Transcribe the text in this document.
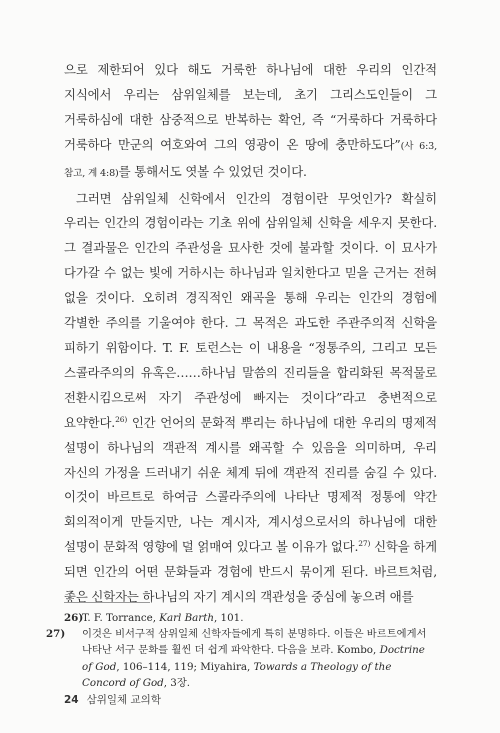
으로 제한되어 있다 해도 거룩한 하나님에 대한 우리의 인간적 지식에서 우리는 삼위일체를 보는데, 초기 그리스도인들이 그 거룩하심에 대한 삼중적으로 반복하는 확언, 즉 “거룩하다 거룩하다 거룩하다 만군의 여호와여 그의 영광이 온 땅에 충만하도다”(사 6:3, 참고, 계 4:8)를 통해서도 엿볼 수 있었던 것이다.

그러면 삼위일체 신학에서 인간의 경험이란 무엇인가? 확실히 우리는 인간의 경험이라는 기초 위에 삼위일체 신학을 세우지 못한다. 그 결과물은 인간의 주관성을 묘사한 것에 불과할 것이다. 이 묘사가 다가갈 수 없는 빛에 거하시는 하나님과 일치한다고 믿을 근거는 전혀 없을 것이다. 오히려 경직적인 왜곡을 통해 우리는 인간의 경험에 각별한 주의를 기울여야 한다. 그 목적은 과도한 주관주의적 신학을 피하기 위함이다. T. F. 토런스는 이 내용을 “정통주의, 그리고 모든 스콜라주의의 유혹은……하나님 말씀의 진리들을 합리화된 목적물로 전환시킴으로써 자기 주관성에 빠지는 것이다”라고 충변적으로 요약한다.$^{26)}$ 인간 언어의 문화적 뿌리는 하나님에 대한 우리의 명제적 설명이 하나님의 객관적 계시를 왜곡할 수 있음을 의미하며, 우리 자신의 가정을 드러내기 쉬운 체계 뒤에 객관적 진리를 숨길 수 있다. 이것이 바르트로 하여금 스콜라주의에 나타난 명제적 정통에 약간 회의적이게 만들지만, 나는 계시자, 계시성으로서의 하나님에 대한 설명이 문화적 영향에 덜 얽매여 있다고 볼 이유가 없다.$^{27)}$ 신학을 하게 되면 인간의 어떤 문화들과 경험에 반드시 묶이게 된다. 바르트처럼, 좋은 신학자는 하나님의 자기 계시의 객관성을 중심에 놓으려 애를

26)T. F. Torrance, Karl Barth, 101.

27) 이것은 비서구적 삼위일체 신학자들에게 특히 분명하다. 이들은 바르트에게서 나타난 서구 문화를 훨씬 더 쉽게 파악한다. 다음을 보라. Kombo, Doctrine of God, 106–114, 119; Miyahira, Towards a Theology of the Concord of God, 3장.

24 삼위일체 교의학
